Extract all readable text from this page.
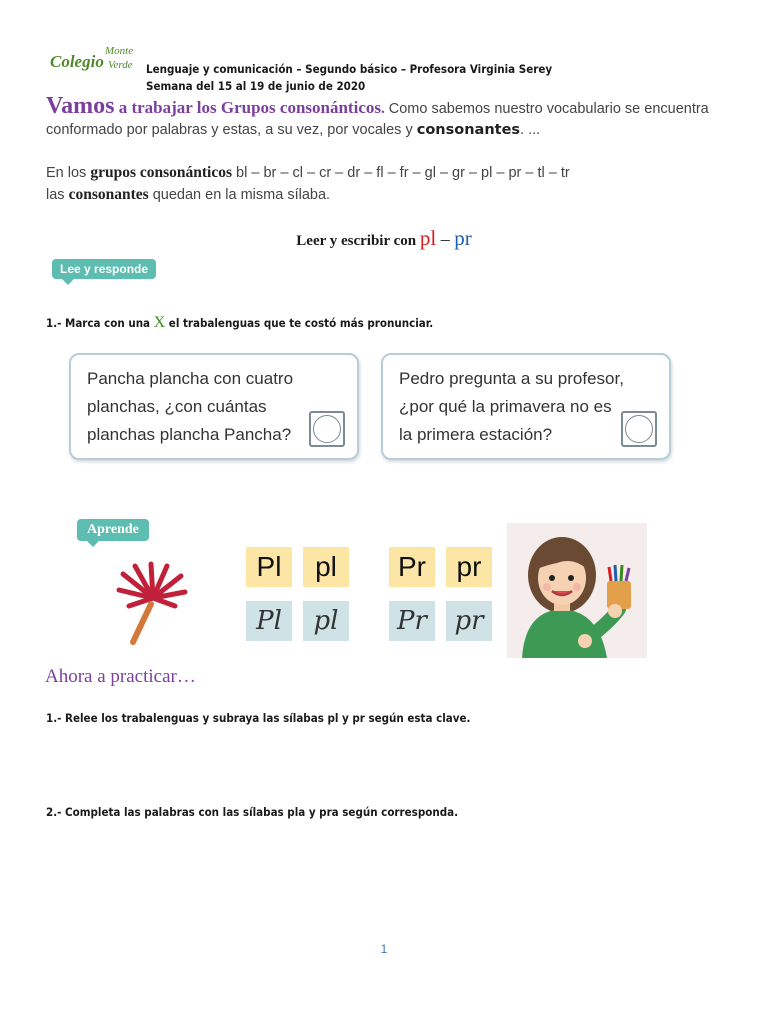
Colegio
Monte
Verde Lenguaje y comunicación – Segundo básico – Profesora Virginia Serey
Semana del 15 al 19 de junio de 2020
Vamos a trabajar los Grupos consonánticos. Como sabemos nuestro vocabulario se encuentra conformado por palabras y estas, a su vez, por vocales y consonantes. ...
En los grupos consonánticos bl – br – cl – cr – dr – fl – fr – gl – gr – pl – pr – tl – tr
las consonantes quedan en la misma sílaba.
Leer y escribir con pl – pr
Lee y responde
1.- Marca con una X el trabalenguas que te costó más pronunciar.
Pancha plancha con cuatro
planchas, ¿con cuántas
planchas plancha Pancha?
Pedro pregunta a su profesor,
¿por qué la primavera no es
la primera estación?
Aprende
Pl	pl	Pr	pr
Pl	pl	Pr	pr
Ahora a practicar…
1.- Relee los trabalenguas y subraya las sílabas pl y pr según esta clave.
2.- Completa las palabras con las sílabas pla y pra según corresponda.
1
